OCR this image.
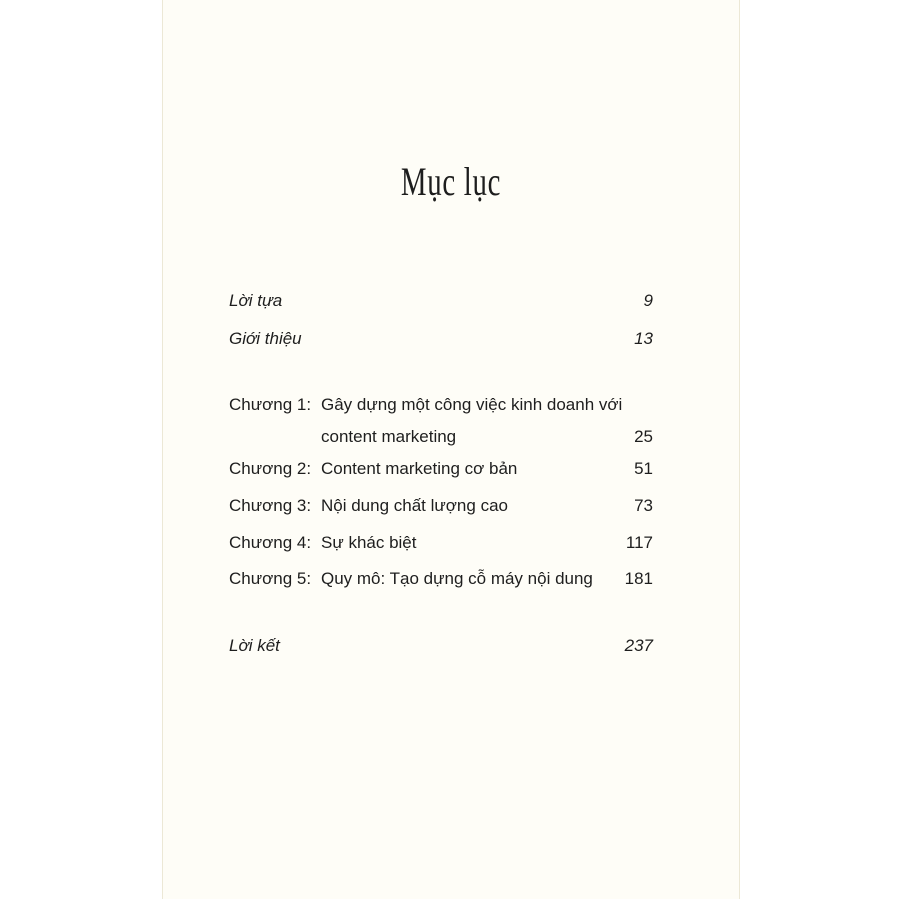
Mục lục
Lời tựa	9
Giới thiệu	13
Chương 1: Gây dựng một công việc kinh doanh với
content marketing	25
Chương 2: Content marketing cơ bản	51
Chương 3: Nội dung chất lượng cao	73
Chương 4: Sự khác biệt	117
Chương 5: Quy mô: Tạo dựng cỗ máy nội dung 181
Lời kết	237
